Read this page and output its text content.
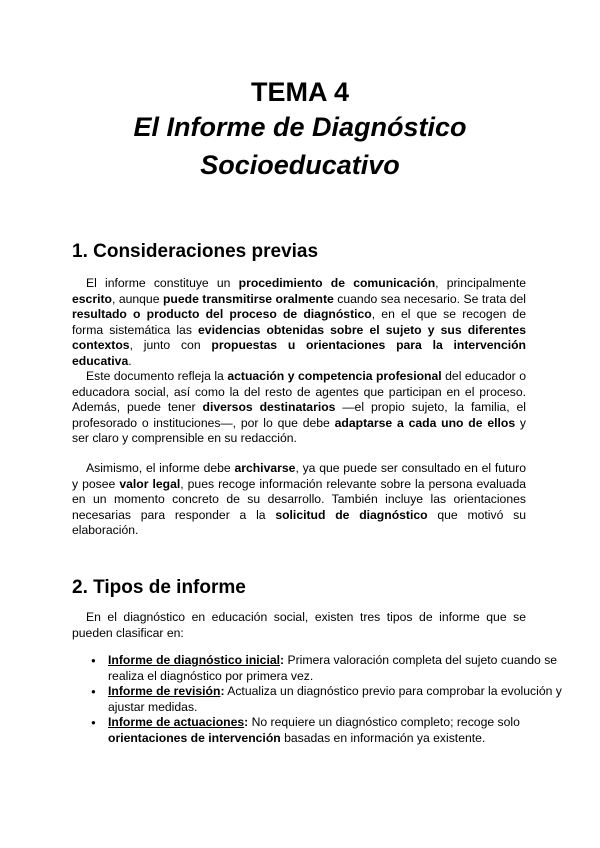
TEMA 4
El Informe de Diagnóstico
Socioeducativo
1. Consideraciones previas

El informe constituye un procedimiento de comunicación, principalmente escrito, aunque puede transmitirse oralmente cuando sea necesario. Se trata del resultado o producto del proceso de diagnóstico, en el que se recogen de forma sistemática las evidencias obtenidas sobre el sujeto y sus diferentes contextos, junto con propuestas u orientaciones para la intervención educativa.

Este documento refleja la actuación y competencia profesional del educador o educadora social, así como la del resto de agentes que participan en el proceso. Además, puede tener diversos destinatarios —el propio sujeto, la familia, el profesorado o instituciones—, por lo que debe adaptarse a cada uno de ellos y ser claro y comprensible en su redacción.

Asimismo, el informe debe archivarse, ya que puede ser consultado en el futuro y posee valor legal, pues recoge información relevante sobre la persona evaluada en un momento concreto de su desarrollo. También incluye las orientaciones necesarias para responder a la solicitud de diagnóstico que motivó su elaboración.

2. Tipos de informe

En el diagnóstico en educación social, existen tres tipos de informe que se pueden clasificar en:

● Informe de diagnóstico inicial: Primera valoración completa del sujeto cuando se realiza el diagnóstico por primera vez.
● Informe de revisión: Actualiza un diagnóstico previo para comprobar la evolución y ajustar medidas.
● Informe de actuaciones: No requiere un diagnóstico completo; recoge solo orientaciones de intervención basadas en información ya existente.
